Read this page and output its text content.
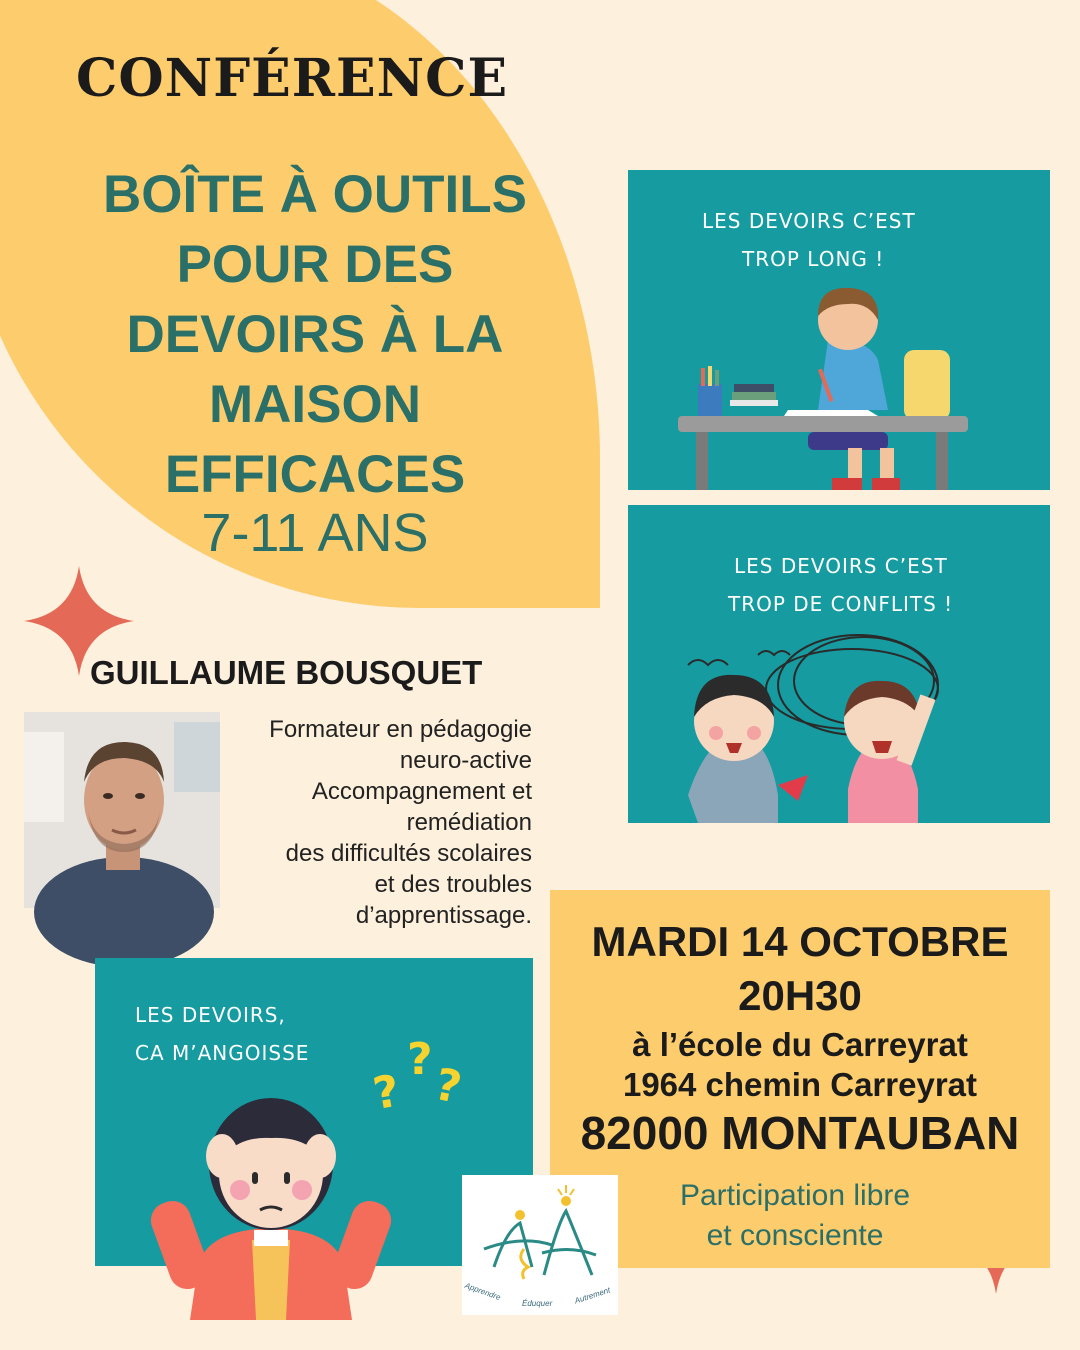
CONFÉRENCE
BOÎTE À OUTILS
POUR DES
DEVOIRS À LA
MAISON
EFFICACES
7-11 ANS
GUILLAUME BOUSQUET
Formateur en pédagogie
neuro-active
Accompagnement et
remédiation
des difficultés scolaires
et des troubles
d’apprentissage.
LES DEVOIRS C’EST
TROP LONG !
LES DEVOIRS C’EST
TROP DE CONFLITS !
LES DEVOIRS,
CA M’ANGOISSE
?
?
?
MARDI 14 OCTOBRE
20H30
à l’école du Carreyrat
1964 chemin Carreyrat
82000 MONTAUBAN
Participation libre
et consciente
Apprendre
Éduquer	Autrement
